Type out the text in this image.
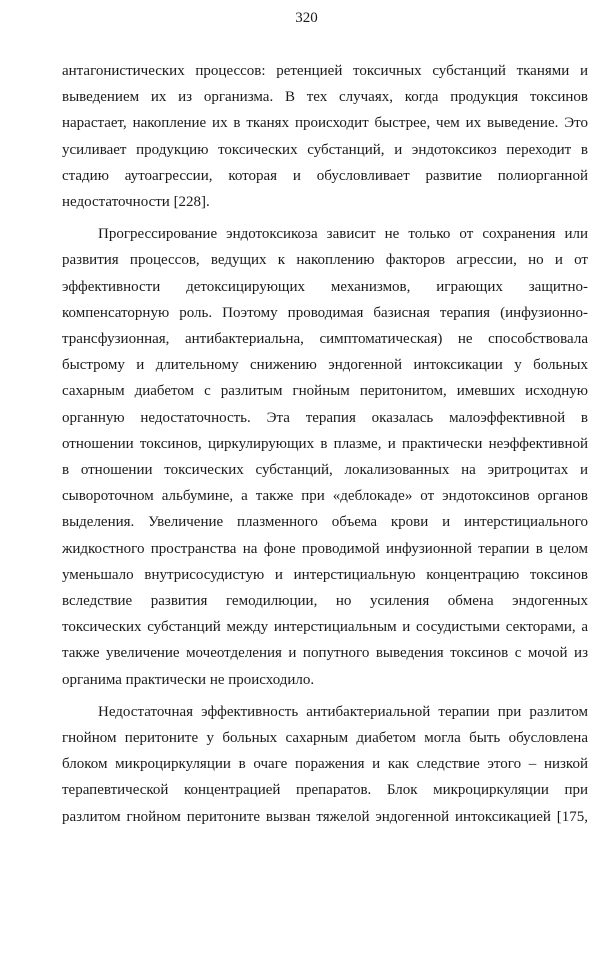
320

антагонистических процессов: ретенцией токсичных субстанций тканями и
выведением их из организма. В тех случаях, когда продукция токсинов
нарастает, накопление их в тканях происходит быстрее, чем их выведение. Это
усиливает продукцию токсических субстанций, и эндотоксикоз переходит в
стадию аутоагрессии, которая и обусловливает развитие полиорганной
недостаточности [228].

Прогрессирование эндотоксикоза зависит не только от сохранения или
развития процессов, ведущих к накоплению факторов агрессии, но и от
эффективности детоксицирующих механизмов, играющих защитно-
компенсаторную роль. Поэтому проводимая базисная терапия (инфузионно-
трансфузионная, антибактериальна, симптоматическая) не способствовала
быстрому и длительному снижению эндогенной интоксикации у больных
сахарным диабетом с разлитым гнойным перитонитом, имевших исходную
органную недостаточность. Эта терапия оказалась малоэффективной в
отношении токсинов, циркулирующих в плазме, и практически неэффективной
в отношении токсических субстанций, локализованных на эритроцитах и
сывороточном альбумине, а также при «деблокаде» от эндотоксинов органов
выделения. Увеличение плазменного объема крови и интерстициального
жидкостного пространства на фоне проводимой инфузионной терапии в целом
уменьшало внутрисосудистую и интерстициальную концентрацию токсинов
вследствие развития гемодилюции, но усиления обмена эндогенных
токсических субстанций между интерстициальным и сосудистыми секторами, а
также увеличение мочеотделения и попутного выведения токсинов с мочой из
органима практически не происходило.

Недостаточная эффективность антибактериальной терапии при разлитом
гнойном перитоните у больных сахарным диабетом могла быть обусловлена
блоком микроциркуляции в очаге поражения и как следствие этого – низкой
терапевтической концентрацией препаратов. Блок микроциркуляции при
разлитом гнойном перитоните вызван тяжелой эндогенной интоксикацией [175,
